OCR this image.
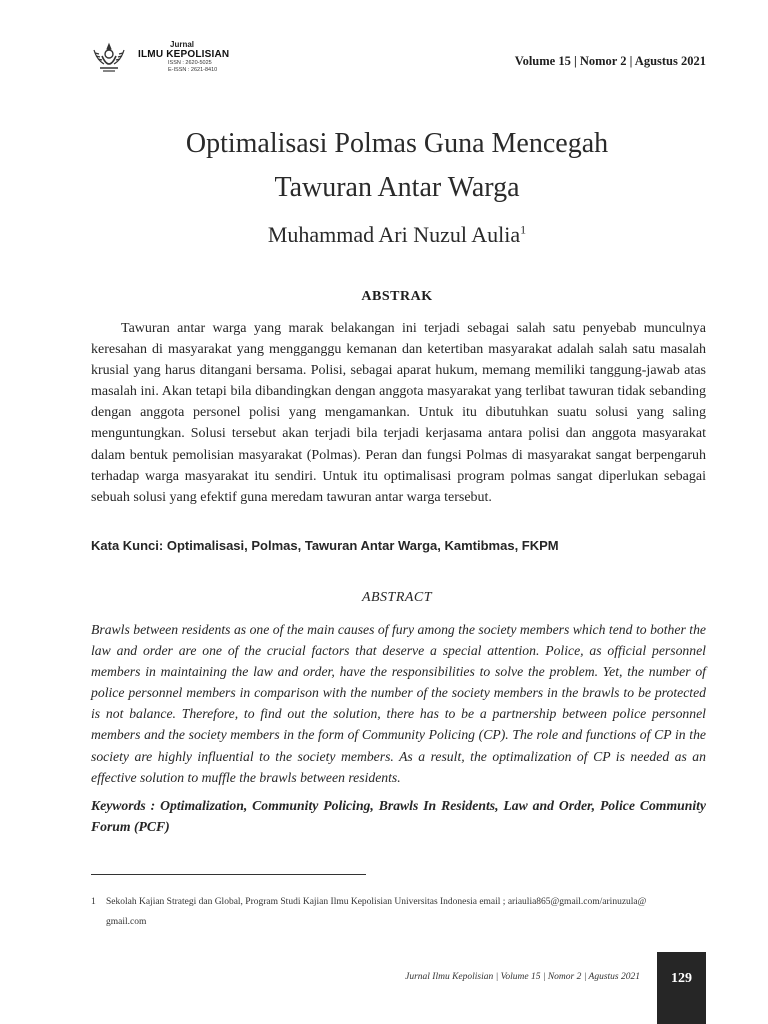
Jurnal
ILMU KEPOLISIAN
ISSN : 2620-5025
E-ISSN : 2621-8410
Volume 15 | Nomor 2 | Agustus 2021
Optimalisasi Polmas Guna Mencegah
Tawuran Antar Warga
Muhammad Ari Nuzul Aulia$^1$
ABSTRAK
Tawuran antar warga yang marak belakangan ini terjadi sebagai salah satu penyebab munculnya keresahan di masyarakat yang mengganggu kemanan dan ketertiban masyarakat adalah salah satu masalah krusial yang harus ditangani bersama. Polisi, sebagai aparat hukum, memang memiliki tanggung-jawab atas masalah ini. Akan tetapi bila dibandingkan dengan anggota masyarakat yang terlibat tawuran tidak sebanding dengan anggota personel polisi yang mengamankan. Untuk itu dibutuhkan suatu solusi yang saling menguntungkan. Solusi tersebut akan terjadi bila terjadi kerjasama antara polisi dan anggota masyarakat dalam bentuk pemolisian masyarakat (Polmas). Peran dan fungsi Polmas di masyarakat sangat berpengaruh terhadap warga masyarakat itu sendiri. Untuk itu optimalisasi program polmas sangat diperlukan sebagai sebuah solusi yang efektif guna meredam tawuran antar warga tersebut.
Kata Kunci: Optimalisasi, Polmas, Tawuran Antar Warga, Kamtibmas, FKPM
ABSTRACT
Brawls between residents as one of the main causes of fury among the society members which tend to bother the law and order are one of the crucial factors that deserve a special attention. Police, as official personnel members in maintaining the law and order, have the responsibilities to solve the problem. Yet, the number of police personnel members in comparison with the number of the society members in the brawls to be protected is not balance. Therefore, to find out the solution, there has to be a partnership between police personnel members and the society members in the form of Community Policing (CP). The role and functions of CP in the society are highly influential to the society members. As a result, the optimalization of CP is needed as an effective solution to muffle the brawls between residents.
Keywords : Optimalization, Community Policing, Brawls In Residents, Law and Order, Police Community Forum (PCF)
1 Sekolah Kajian Strategi dan Global, Program Studi Kajian Ilmu Kepolisian Universitas Indonesia email ; ariaulia865@gmail.com/arinuzula@
gmail.com
Jurnal Ilmu Kepolisian | Volume 15 | Nomor 2 | Agustus 2021	129
